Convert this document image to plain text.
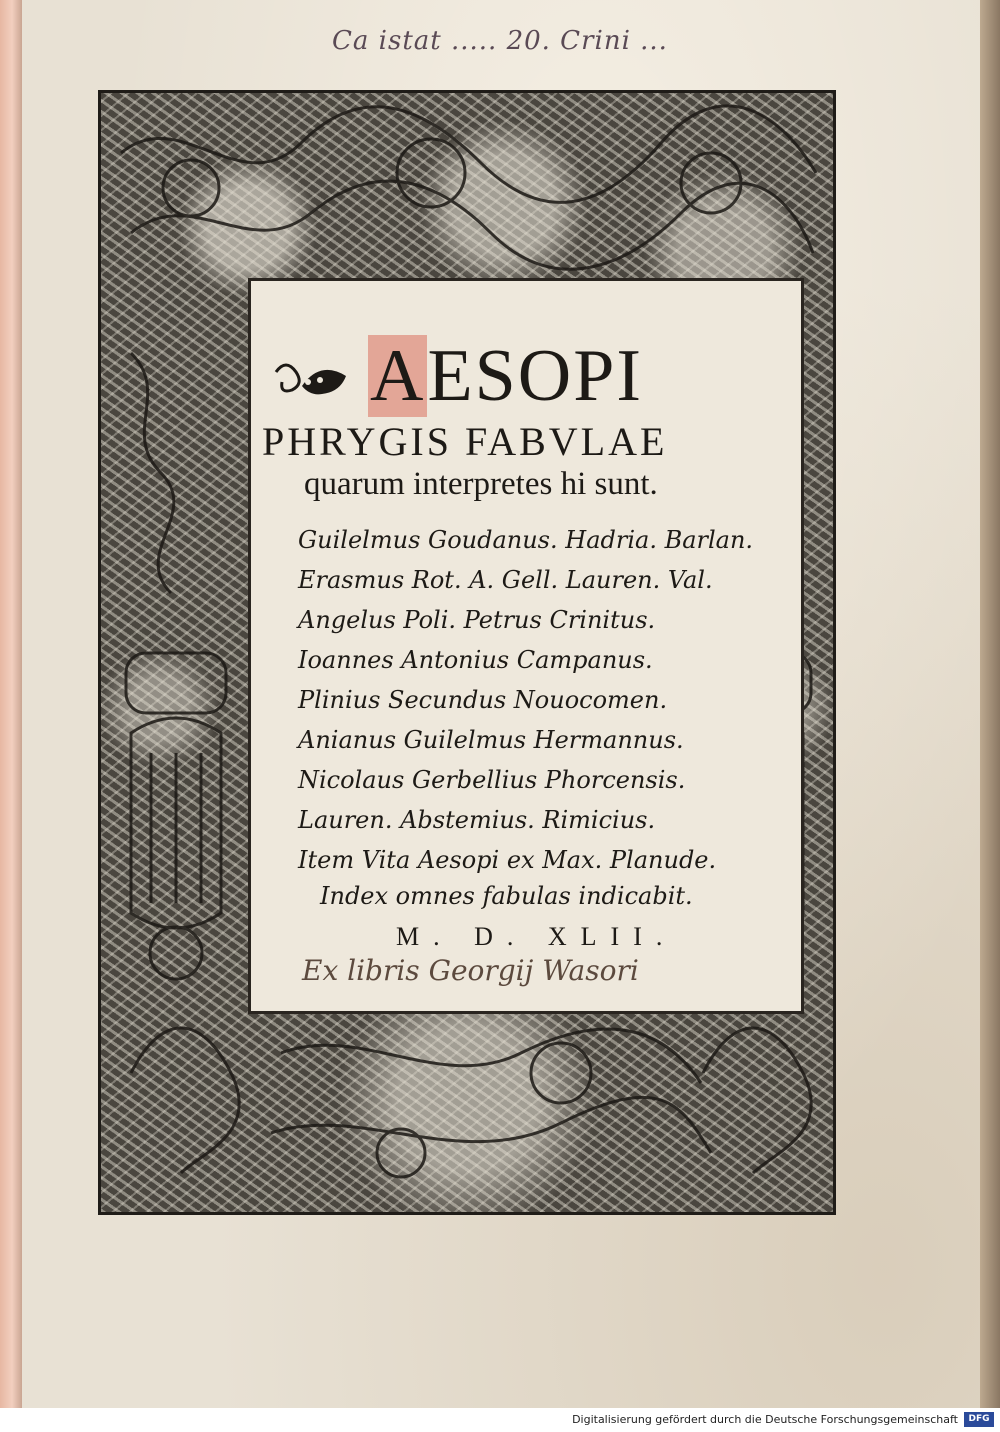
Ca istat ..... 20. Crini ...
AESOPI
PHRYGIS FABVLAE
quarum interpretes hi sunt.
Guilelmus Goudanus. Hadria. Barlan.
Erasmus Rot. A. Gell. Lauren. Val.
Angelus Poli. Petrus Crinitus.
Ioannes Antonius Campanus.
Plinius Secundus Nouocomen.
Anianus Guilelmus Hermannus.
Nicolaus Gerbellius Phorcensis.
Lauren. Abstemius. Rimicius.
Item Vita Aesopi ex Max. Planude.
Index omnes fabulas indicabit.
M. D. XLII.
Ex libris Georgij Wasori
Digitalisierung gefördert durch die Deutsche Forschungsgemeinschaft	DFG
